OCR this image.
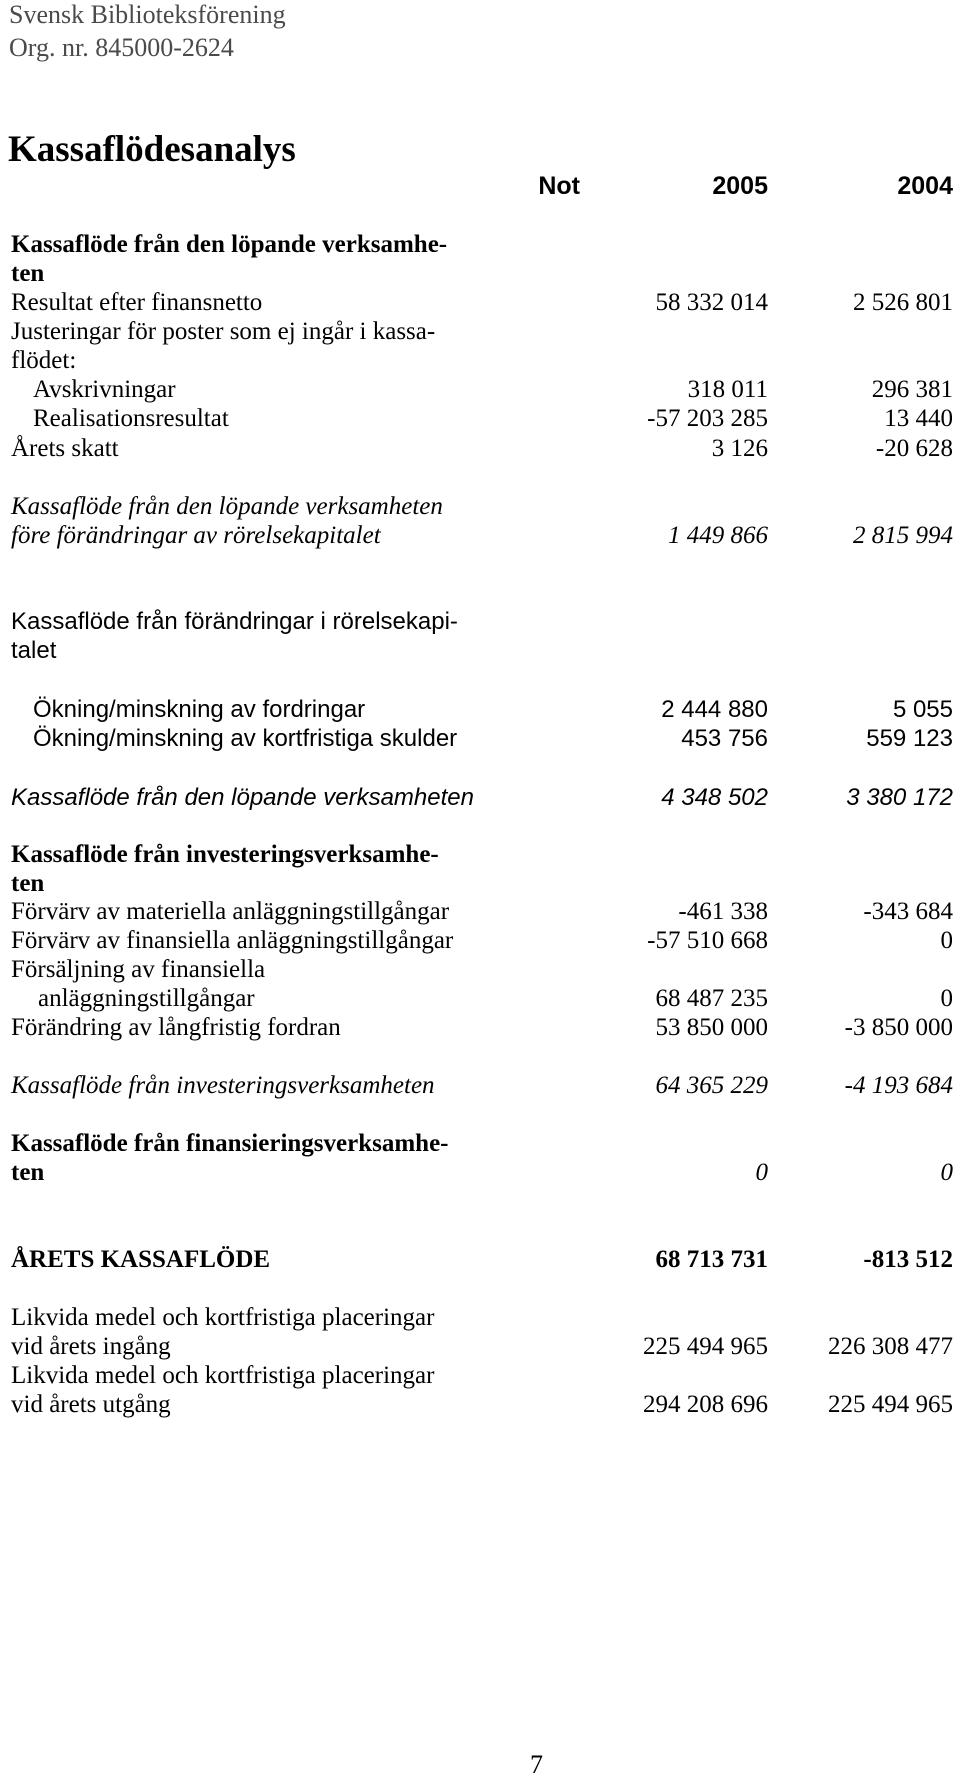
Svensk Biblioteksförening
Org. nr. 845000-2624
Kassaflödesanalys
Not	2005	2004
Kassaflöde från den löpande verksamhe-
ten
Resultat efter finansnetto	58 332 014	2 526 801
Justeringar för poster som ej ingår i kassa-
flödet:
Avskrivningar	318 011	296 381
Realisationsresultat	-57 203 285	13 440
Årets skatt	3 126	-20 628
Kassaflöde från den löpande verksamheten
före förändringar av rörelsekapitalet	1 449 866	2 815 994
Kassaflöde från förändringar i rörelsekapi-
talet
Ökning/minskning av fordringar	2 444 880	5 055
Ökning/minskning av kortfristiga skulder	453 756	559 123
Kassaflöde från den löpande verksamheten	4 348 502	3 380 172
Kassaflöde från investeringsverksamhe-
ten
Förvärv av materiella anläggningstillgångar	-461 338	-343 684
Förvärv av finansiella anläggningstillgångar	-57 510 668	0
Försäljning av finansiella
anläggningstillgångar	68 487 235	0
Förändring av långfristig fordran	53 850 000	-3 850 000
Kassaflöde från investeringsverksamheten	64 365 229	-4 193 684
Kassaflöde från finansieringsverksamhe-
ten	0	0
ÅRETS KASSAFLÖDE	68 713 731	-813 512
Likvida medel och kortfristiga placeringar
vid årets ingång	225 494 965	226 308 477
Likvida medel och kortfristiga placeringar
vid årets utgång	294 208 696	225 494 965
7
